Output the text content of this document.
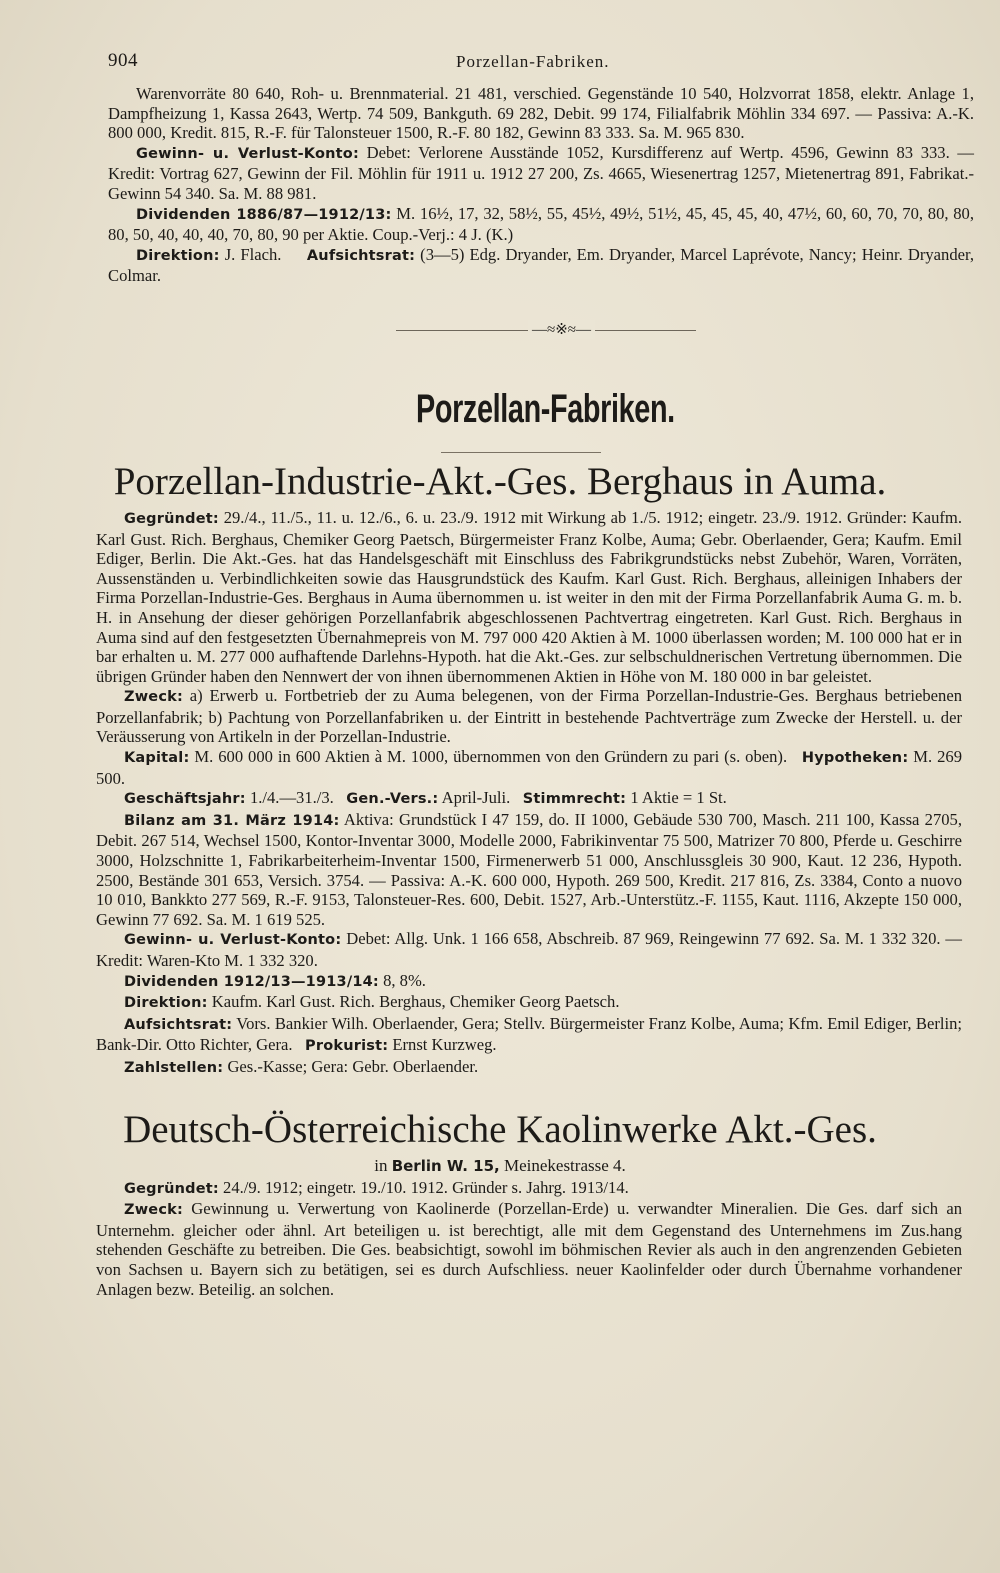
904	Porzellan-Fabriken.

Warenvorräte 80 640, Roh- u. Brennmaterial. 21 481, verschied. Gegenstände 10 540, Holzvorrat 1858, elektr. Anlage 1, Dampfheizung 1, Kassa 2643, Wertp. 74 509, Bankguth. 69 282, Debit. 99 174, Filialfabrik Möhlin 334 697. — Passiva: A.-K. 800 000, Kredit. 815, R.-F. für Talonsteuer 1500, R.-F. 80 182, Gewinn 83 333. Sa. M. 965 830.

Gewinn- u. Verlust-Konto: Debet: Verlorene Ausstände 1052, Kursdifferenz auf Wertp. 4596, Gewinn 83 333. — Kredit: Vortrag 627, Gewinn der Fil. Möhlin für 1911 u. 1912 27 200, Zs. 4665, Wiesenertrag 1257, Mietenertrag 891, Fabrikat.-Gewinn 54 340. Sa. M. 88 981.

Dividenden 1886/87—1912/13: M. 16½, 17, 32, 58½, 55, 45½, 49½, 51½, 45, 45, 45, 40, 47½, 60, 60, 70, 70, 80, 80, 80, 50, 40, 40, 40, 70, 80, 90 per Aktie. Coup.-Verj.: 4 J. (K.)

Direktion: J. Flach. Aufsichtsrat: (3—5) Edg. Dryander, Em. Dryander, Marcel Laprévote, Nancy; Heinr. Dryander, Colmar.

—≈※≈—
Porzellan-Fabriken.
Porzellan-Industrie-Akt.-Ges. Berghaus in Auma.

Gegründet: 29./4., 11./5., 11. u. 12./6., 6. u. 23./9. 1912 mit Wirkung ab 1./5. 1912; eingetr. 23./9. 1912. Gründer: Kaufm. Karl Gust. Rich. Berghaus, Chemiker Georg Paetsch, Bürgermeister Franz Kolbe, Auma; Gebr. Oberlaender, Gera; Kaufm. Emil Ediger, Berlin. Die Akt.-Ges. hat das Handelsgeschäft mit Einschluss des Fabrikgrundstücks nebst Zubehör, Waren, Vorräten, Aussenständen u. Verbindlichkeiten sowie das Hausgrundstück des Kaufm. Karl Gust. Rich. Berghaus, alleinigen Inhabers der Firma Porzellan-Industrie-Ges. Berghaus in Auma übernommen u. ist weiter in den mit der Firma Porzellanfabrik Auma G. m. b. H. in Ansehung der dieser gehörigen Porzellanfabrik abgeschlossenen Pachtvertrag eingetreten. Karl Gust. Rich. Berghaus in Auma sind auf den festgesetzten Übernahmepreis von M. 797 000 420 Aktien à M. 1000 überlassen worden; M. 100 000 hat er in bar erhalten u. M. 277 000 aufhaftende Darlehns-Hypoth. hat die Akt.-Ges. zur selbschuldnerischen Vertretung übernommen. Die übrigen Gründer haben den Nennwert der von ihnen übernommenen Aktien in Höhe von M. 180 000 in bar geleistet.

Zweck: a) Erwerb u. Fortbetrieb der zu Auma belegenen, von der Firma Porzellan-Industrie-Ges. Berghaus betriebenen Porzellanfabrik; b) Pachtung von Porzellanfabriken u. der Eintritt in bestehende Pachtverträge zum Zwecke der Herstell. u. der Veräusserung von Artikeln in der Porzellan-Industrie.

Kapital: M. 600 000 in 600 Aktien à M. 1000, übernommen von den Gründern zu pari (s. oben). Hypotheken: M. 269 500.

Geschäftsjahr: 1./4.—31./3. Gen.-Vers.: April-Juli. Stimmrecht: 1 Aktie = 1 St.

Bilanz am 31. März 1914: Aktiva: Grundstück I 47 159, do. II 1000, Gebäude 530 700, Masch. 211 100, Kassa 2705, Debit. 267 514, Wechsel 1500, Kontor-Inventar 3000, Modelle 2000, Fabrikinventar 75 500, Matrizer 70 800, Pferde u. Geschirre 3000, Holzschnitte 1, Fabrikarbeiterheim-Inventar 1500, Firmenerwerb 51 000, Anschlussgleis 30 900, Kaut. 12 236, Hypoth. 2500, Bestände 301 653, Versich. 3754. — Passiva: A.-K. 600 000, Hypoth. 269 500, Kredit. 217 816, Zs. 3384, Conto a nuovo 10 010, Bankkto 277 569, R.-F. 9153, Talonsteuer-Res. 600, Debit. 1527, Arb.-Unterstütz.-F. 1155, Kaut. 1116, Akzepte 150 000, Gewinn 77 692. Sa. M. 1 619 525.

Gewinn- u. Verlust-Konto: Debet: Allg. Unk. 1 166 658, Abschreib. 87 969, Reingewinn 77 692. Sa. M. 1 332 320. — Kredit: Waren-Kto M. 1 332 320.

Dividenden 1912/13—1913/14: 8, 8%.

Direktion: Kaufm. Karl Gust. Rich. Berghaus, Chemiker Georg Paetsch.

Aufsichtsrat: Vors. Bankier Wilh. Oberlaender, Gera; Stellv. Bürgermeister Franz Kolbe, Auma; Kfm. Emil Ediger, Berlin; Bank-Dir. Otto Richter, Gera. Prokurist: Ernst Kurzweg.

Zahlstellen: Ges.-Kasse; Gera: Gebr. Oberlaender.

Deutsch-Österreichische Kaolinwerke Akt.-Ges.
in Berlin W. 15, Meinekestrasse 4.

Gegründet: 24./9. 1912; eingetr. 19./10. 1912. Gründer s. Jahrg. 1913/14.

Zweck: Gewinnung u. Verwertung von Kaolinerde (Porzellan-Erde) u. verwandter Mineralien. Die Ges. darf sich an Unternehm. gleicher oder ähnl. Art beteiligen u. ist berechtigt, alle mit dem Gegenstand des Unternehmens im Zus.hang stehenden Geschäfte zu betreiben. Die Ges. beabsichtigt, sowohl im böhmischen Revier als auch in den angrenzenden Gebieten von Sachsen u. Bayern sich zu betätigen, sei es durch Aufschliess. neuer Kaolinfelder oder durch Übernahme vorhandener Anlagen bezw. Beteilig. an solchen.
